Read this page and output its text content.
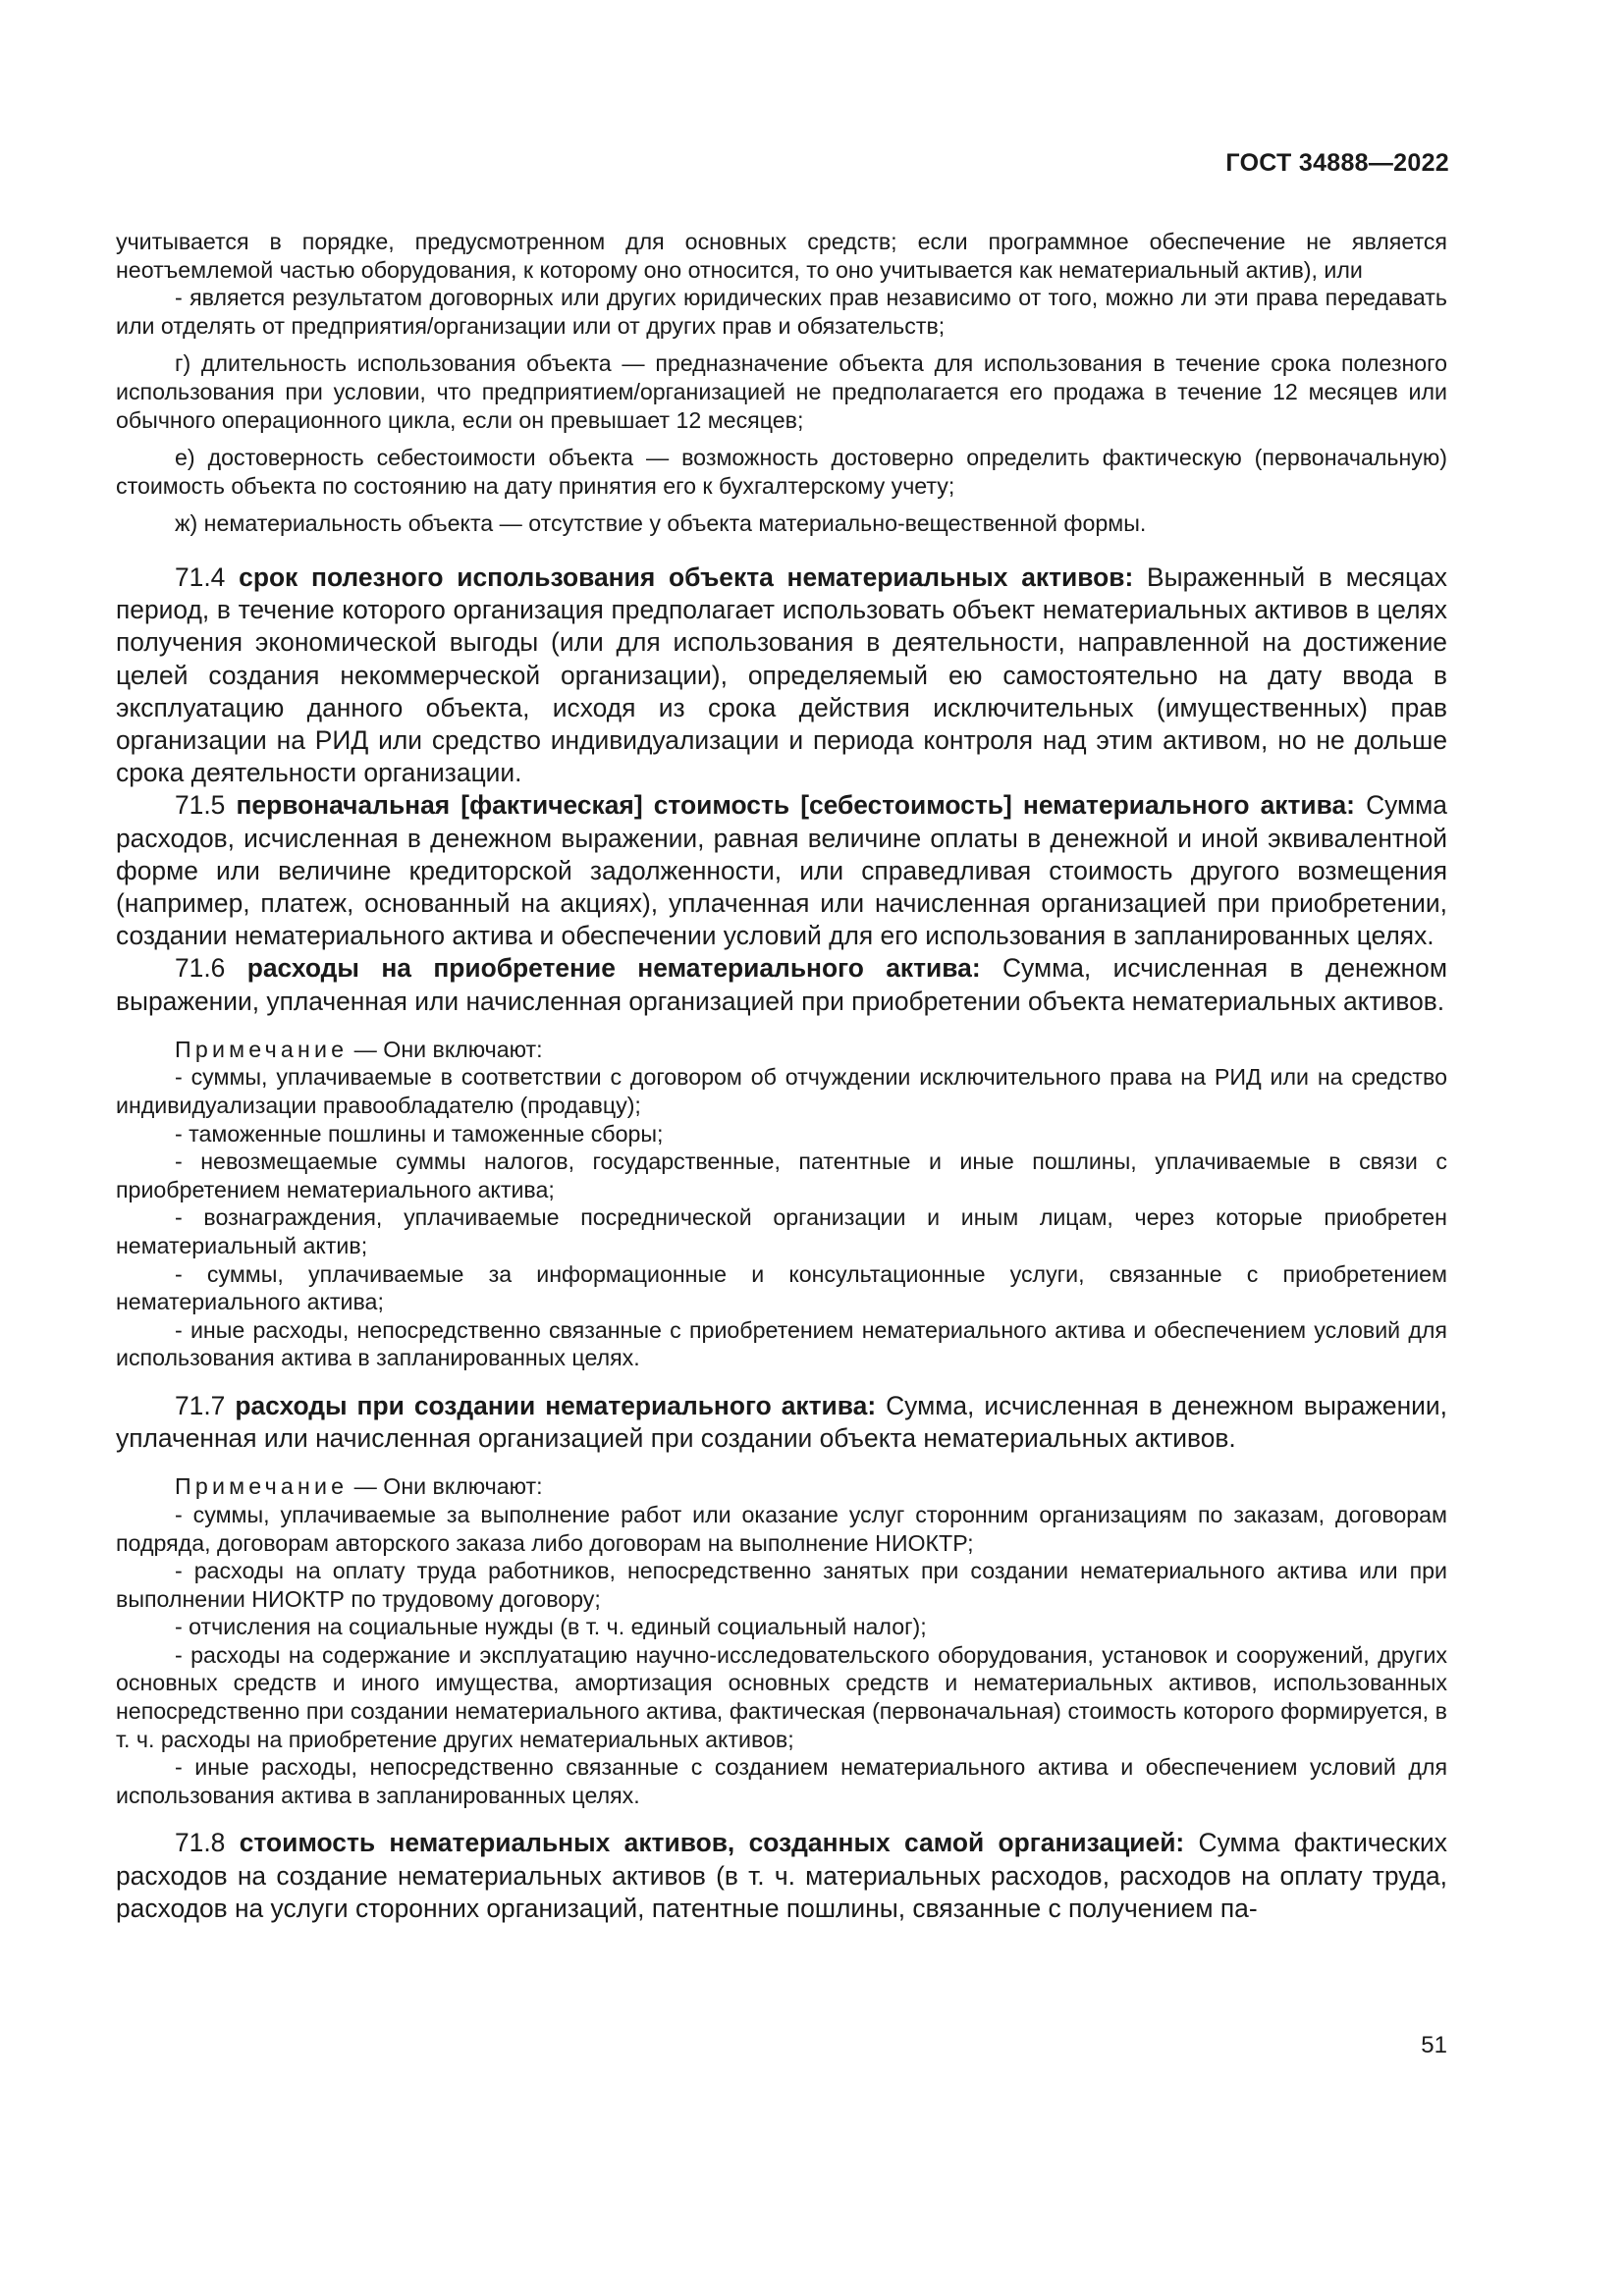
ГОСТ 34888—2022

учитывается в порядке, предусмотренном для основных средств; если программное обеспечение не является неотъемлемой частью оборудования, к которому оно относится, то оно учитывается как нематериальный актив), или

- является результатом договорных или других юридических прав независимо от того, можно ли эти права передавать или отделять от предприятия/организации или от других прав и обязательств;

г) длительность использования объекта — предназначение объекта для использования в течение срока полезного использования при условии, что предприятием/организацией не предполагается его продажа в течение 12 месяцев или обычного операционного цикла, если он превышает 12 месяцев;

е) достоверность себестоимости объекта — возможность достоверно определить фактическую (первоначальную) стоимость объекта по состоянию на дату принятия его к бухгалтерскому учету;

ж) нематериальность объекта — отсутствие у объекта материально-вещественной формы.

71.4 срок полезного использования объекта нематериальных активов: Выраженный в месяцах период, в течение которого организация предполагает использовать объект нематериальных активов в целях получения экономической выгоды (или для использования в деятельности, направленной на достижение целей создания некоммерческой организации), определяемый ею самостоятельно на дату ввода в эксплуатацию данного объекта, исходя из срока действия исключительных (имущественных) прав организации на РИД или средство индивидуализации и периода контроля над этим активом, но не дольше срока деятельности организации.

71.5 первоначальная [фактическая] стоимость [себестоимость] нематериального актива: Сумма расходов, исчисленная в денежном выражении, равная величине оплаты в денежной и иной эквивалентной форме или величине кредиторской задолженности, или справедливая стоимость другого возмещения (например, платеж, основанный на акциях), уплаченная или начисленная организацией при приобретении, создании нематериального актива и обеспечении условий для его использования в запланированных целях.

71.6 расходы на приобретение нематериального актива: Сумма, исчисленная в денежном выражении, уплаченная или начисленная организацией при приобретении объекта нематериальных активов.

Примечание — Они включают:

- суммы, уплачиваемые в соответствии с договором об отчуждении исключительного права на РИД или на средство индивидуализации правообладателю (продавцу);

- таможенные пошлины и таможенные сборы;

- невозмещаемые суммы налогов, государственные, патентные и иные пошлины, уплачиваемые в связи с приобретением нематериального актива;

- вознаграждения, уплачиваемые посреднической организации и иным лицам, через которые приобретен нематериальный актив;

- суммы, уплачиваемые за информационные и консультационные услуги, связанные с приобретением нематериального актива;

- иные расходы, непосредственно связанные с приобретением нематериального актива и обеспечением условий для использования актива в запланированных целях.

71.7 расходы при создании нематериального актива: Сумма, исчисленная в денежном выражении, уплаченная или начисленная организацией при создании объекта нематериальных активов.

Примечание — Они включают:

- суммы, уплачиваемые за выполнение работ или оказание услуг сторонним организациям по заказам, договорам подряда, договорам авторского заказа либо договорам на выполнение НИОКТР;

- расходы на оплату труда работников, непосредственно занятых при создании нематериального актива или при выполнении НИОКТР по трудовому договору;

- отчисления на социальные нужды (в т. ч. единый социальный налог);

- расходы на содержание и эксплуатацию научно-исследовательского оборудования, установок и сооружений, других основных средств и иного имущества, амортизация основных средств и нематериальных активов, использованных непосредственно при создании нематериального актива, фактическая (первоначальная) стоимость которого формируется, в т. ч. расходы на приобретение других нематериальных активов;

- иные расходы, непосредственно связанные с созданием нематериального актива и обеспечением условий для использования актива в запланированных целях.

71.8 стоимость нематериальных активов, созданных самой организацией: Сумма фактических расходов на создание нематериальных активов (в т. ч. материальных расходов, расходов на оплату труда, расходов на услуги сторонних организаций, патентные пошлины, связанные с получением па-

51
